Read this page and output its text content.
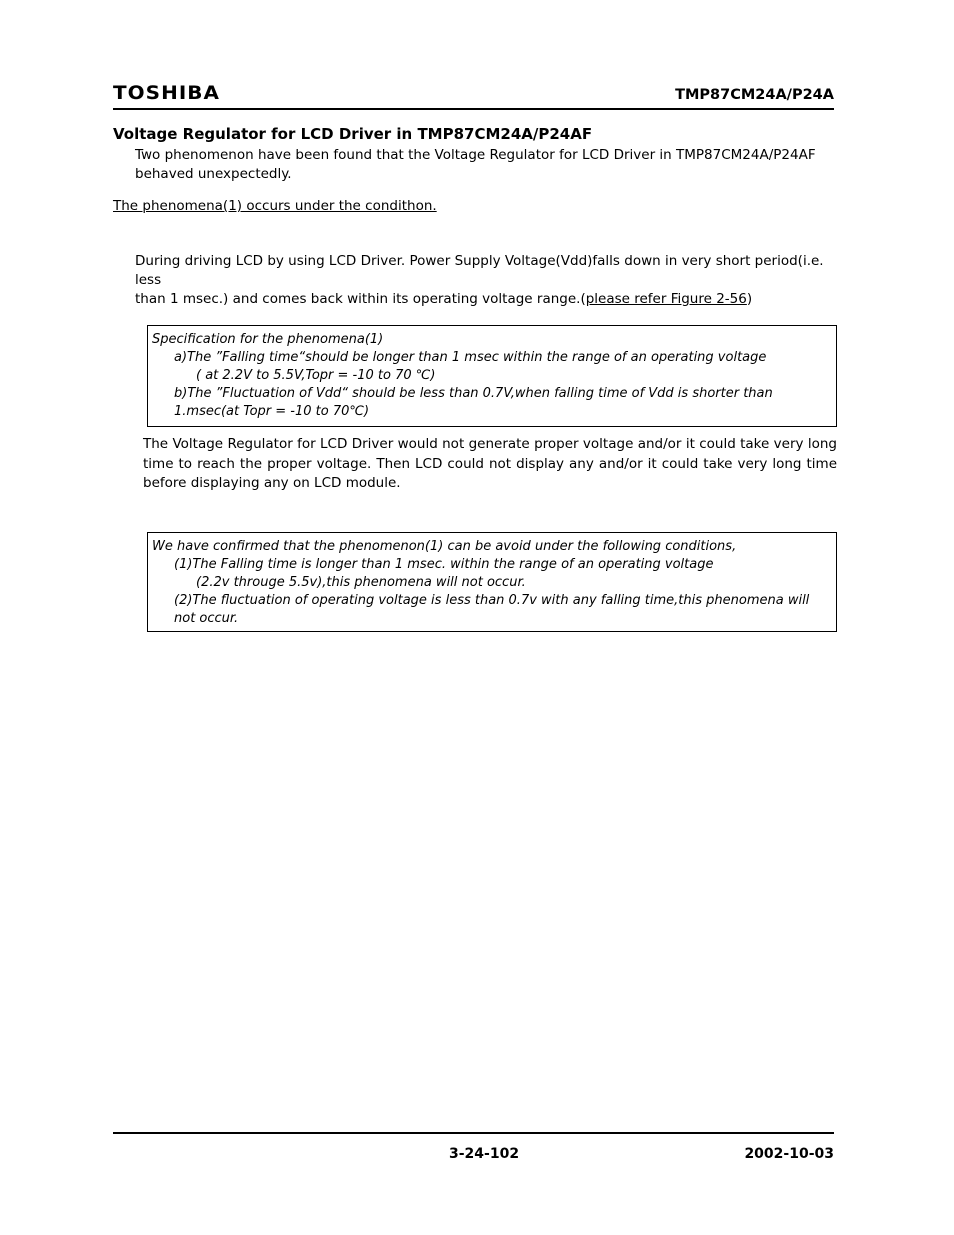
TOSHIBA	TMP87CM24A/P24A
Voltage Regulator for LCD Driver in TMP87CM24A/P24AF
Two phenomenon have been found that the Voltage Regulator for LCD Driver in TMP87CM24A/P24AF
behaved unexpectedly.
The phenomena(1) occurs under the condithon.
During driving LCD by using LCD Driver. Power Supply Voltage(Vdd)falls down in very short period(i.e. less
than 1 msec.) and comes back within its operating voltage range.(please refer Figure 2-56)
Specification for the phenomena(1)
a)The ”Falling time“should be longer than 1 msec within the range of an operating voltage
( at 2.2V to 5.5V,Topr = -10 to 70 ℃)
b)The ”Fluctuation of Vdd“ should be less than 0.7V,when falling time of Vdd is shorter than
1.msec(at Topr = -10 to 70℃)
The Voltage Regulator for LCD Driver would not generate proper voltage and/or it could take very long time to reach the proper voltage. Then LCD could not display any and/or it could take very long time before displaying any on LCD module.
We have confirmed that the phenomenon(1) can be avoid under the following conditions,
(1)The Falling time is longer than 1 msec. within the range of an operating voltage
(2.2v througe 5.5v),this phenomena will not occur.
(2)The fluctuation of operating voltage is less than 0.7v with any falling time,this phenomena will
not occur.
3-24-102	2002-10-03
